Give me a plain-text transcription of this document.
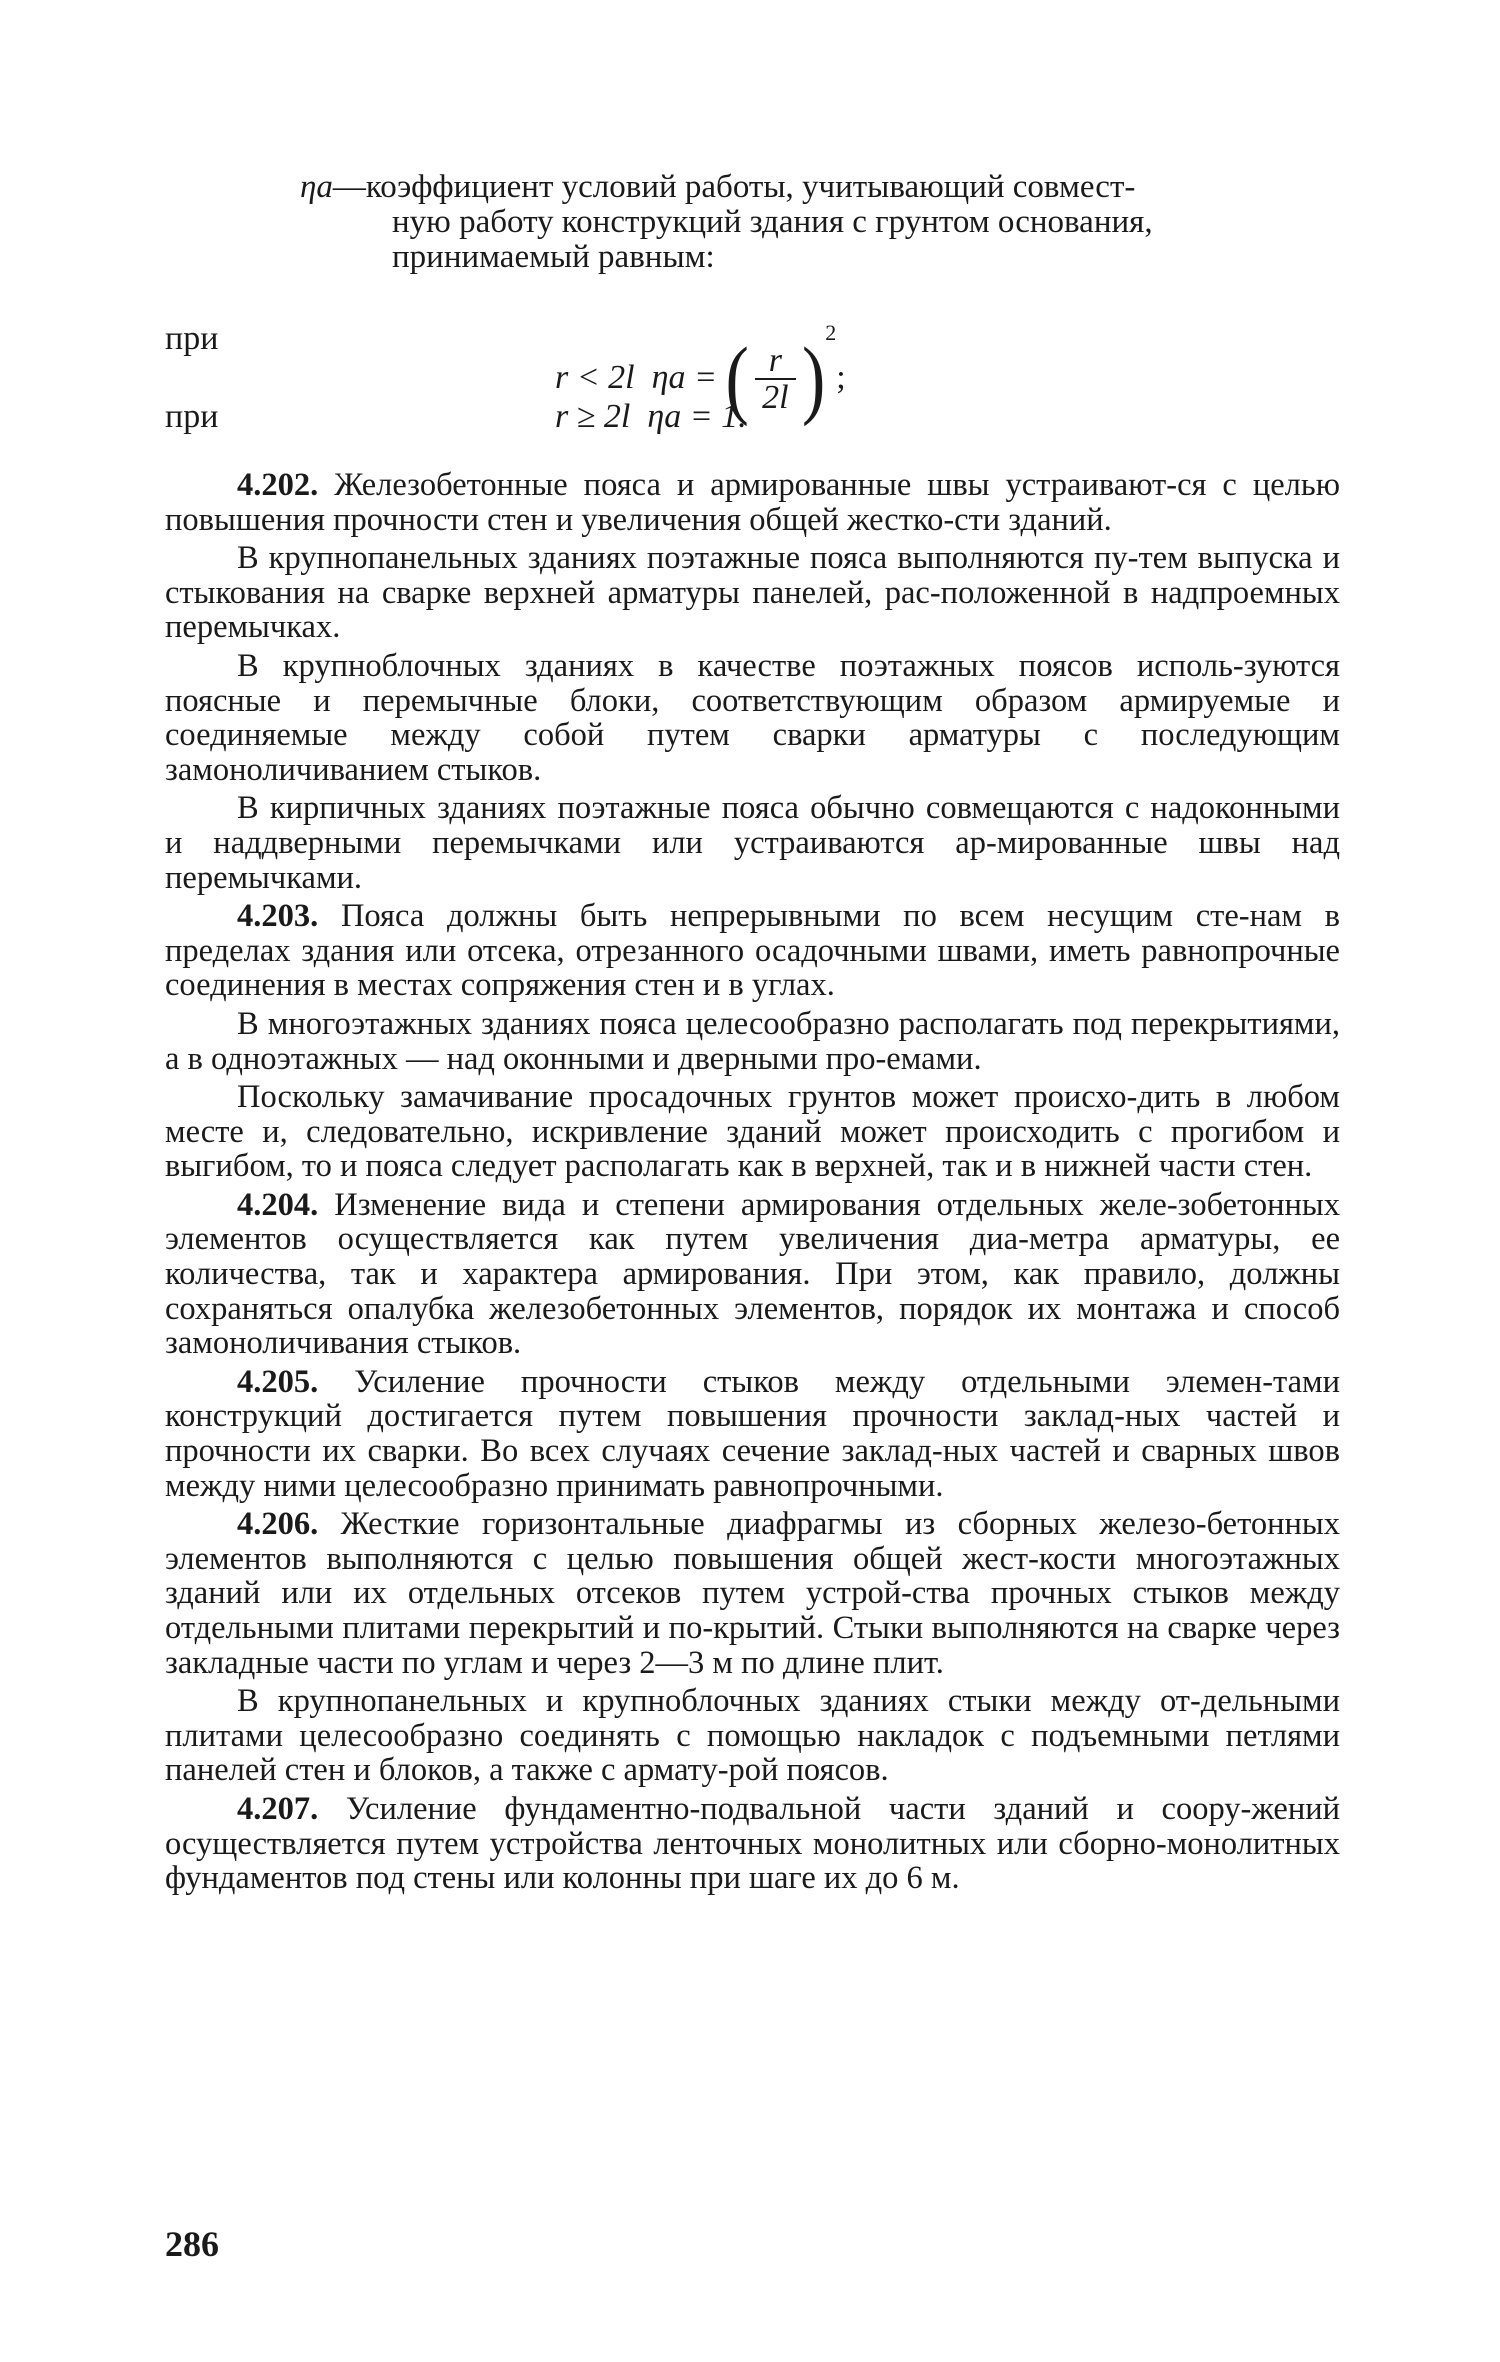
ηa—коэффициент условий работы, учитывающий совмест-
ную работу конструкций здания с грунтом основания,
принимаемый равным:
при
r < 2l ηa = ( $\frac{r}{2l} )^2$;
при	r ≥ 2l ηa = 1.

4.202. Железобетонные пояса и армированные швы устраивают-ся с целью повышения прочности стен и увеличения общей жестко-сти зданий.

В крупнопанельных зданиях поэтажные пояса выполняются пу-тем выпуска и стыкования на сварке верхней арматуры панелей, рас-положенной в надпроемных перемычках.

В крупноблочных зданиях в качестве поэтажных поясов исполь-зуются поясные и перемычные блоки, соответствующим образом армируемые и соединяемые между собой путем сварки арматуры с последующим замоноличиванием стыков.

В кирпичных зданиях поэтажные пояса обычно совмещаются с надоконными и наддверными перемычками или устраиваются ар-мированные швы над перемычками.

4.203. Пояса должны быть непрерывными по всем несущим сте-нам в пределах здания или отсека, отрезанного осадочными швами, иметь равнопрочные соединения в местах сопряжения стен и в углах.

В многоэтажных зданиях пояса целесообразно располагать под перекрытиями, а в одноэтажных — над оконными и дверными про-емами.

Поскольку замачивание просадочных грунтов может происхо-дить в любом месте и, следовательно, искривление зданий может происходить с прогибом и выгибом, то и пояса следует располагать как в верхней, так и в нижней части стен.

4.204. Изменение вида и степени армирования отдельных желе-зобетонных элементов осуществляется как путем увеличения диа-метра арматуры, ее количества, так и характера армирования. При этом, как правило, должны сохраняться опалубка железобетонных элементов, порядок их монтажа и способ замоноличивания стыков.

4.205. Усиление прочности стыков между отдельными элемен-тами конструкций достигается путем повышения прочности заклад-ных частей и прочности их сварки. Во всех случаях сечение заклад-ных частей и сварных швов между ними целесообразно принимать равнопрочными.

4.206. Жесткие горизонтальные диафрагмы из сборных железо-бетонных элементов выполняются с целью повышения общей жест-кости многоэтажных зданий или их отдельных отсеков путем устрой-ства прочных стыков между отдельными плитами перекрытий и по-крытий. Стыки выполняются на сварке через закладные части по углам и через 2—3 м по длине плит.

В крупнопанельных и крупноблочных зданиях стыки между от-дельными плитами целесообразно соединять с помощью накладок с подъемными петлями панелей стен и блоков, а также с армату-рой поясов.

4.207. Усиление фундаментно-подвальной части зданий и соору-жений осуществляется путем устройства ленточных монолитных или сборно-монолитных фундаментов под стены или колонны при шаге их до 6 м.

286
